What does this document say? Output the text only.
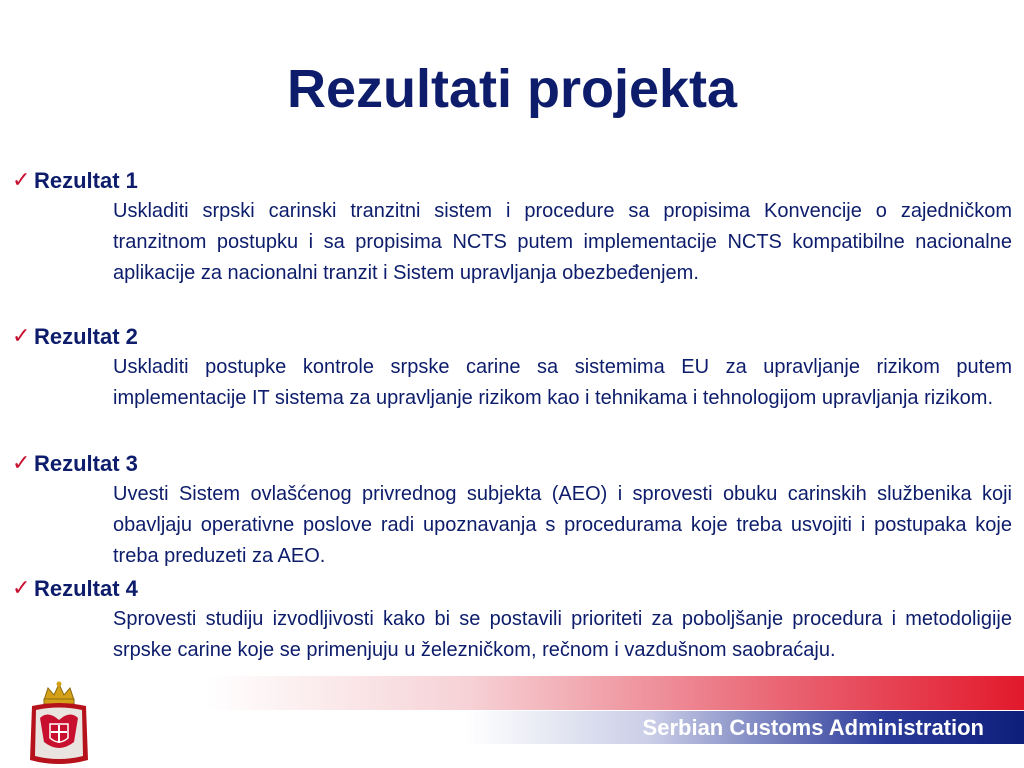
Rezultati projekta
✓ Rezultat 1
Uskladiti srpski carinski tranzitni sistem i procedure sa propisima Konvencije o zajedničkom tranzitnom postupku i sa propisima NCTS putem implementacije NCTS kompatibilne nacionalne aplikacije za nacionalni tranzit i Sistem upravljanja obezbeđenjem.
✓ Rezultat 2
Uskladiti postupke kontrole srpske carine sa sistemima EU za upravljanje rizikom putem implementacije IT sistema za upravljanje rizikom kao i tehnikama i tehnologijom upravljanja rizikom.
✓ Rezultat 3
Uvesti Sistem ovlašćenog privrednog subjekta (AEO) i sprovesti obuku carinskih službenika koji obavljaju operativne poslove radi upoznavanja s procedurama koje treba usvojiti i postupaka koje treba preduzeti za AEO.
✓ Rezultat 4
Sprovesti studiju izvodljivosti kako bi se postavili prioriteti za poboljšanje procedura i metodoligije srpske carine koje se primenjuju u železničkom, rečnom i vazdušnom saobraćaju.
Serbian Customs Administration
